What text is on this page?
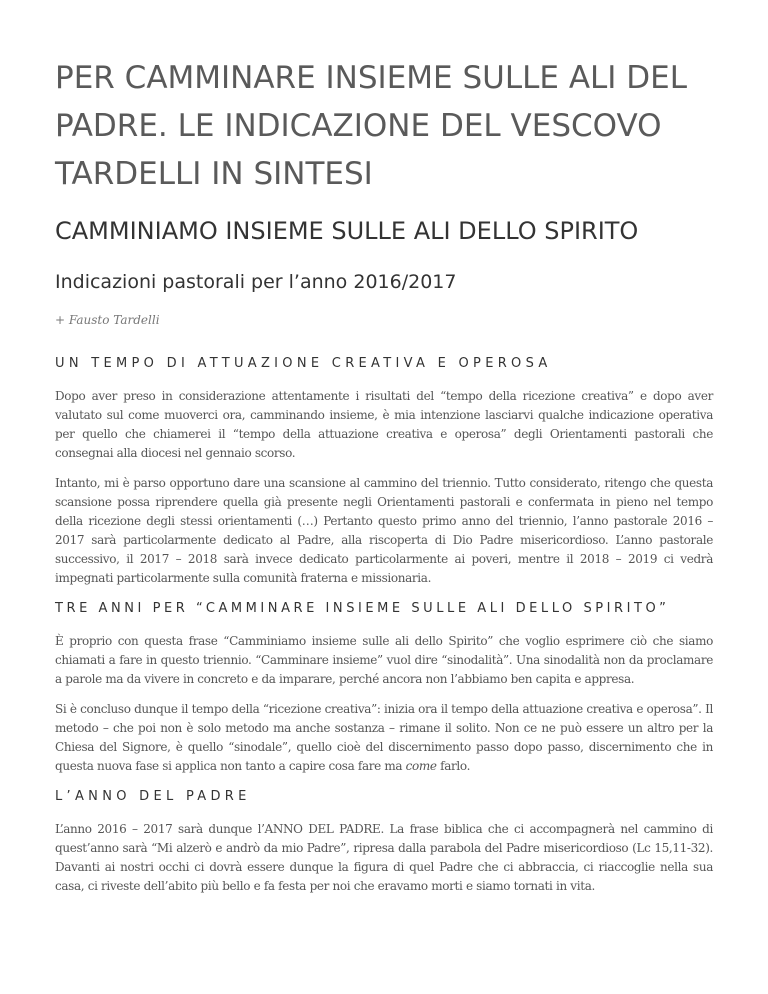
PER CAMMINARE INSIEME SULLE ALI DEL PADRE. LE INDICAZIONE DEL VESCOVO TARDELLI IN SINTESI
CAMMINIAMO INSIEME SULLE ALI DELLO SPIRITO
Indicazioni pastorali per l’anno 2016/2017

+ Fausto Tardelli

UN TEMPO DI ATTUAZIONE CREATIVA E OPEROSA

Dopo aver preso in considerazione attentamente i risultati del “tempo della ricezione creativa” e dopo aver valutato sul come muoverci ora, camminando insieme, è mia intenzione lasciarvi qualche indicazione operativa per quello che chiamerei il “tempo della attuazione creativa e operosa” degli Orientamenti pastorali che consegnai alla diocesi nel gennaio scorso.

Intanto, mi è parso opportuno dare una scansione al cammino del triennio. Tutto considerato, ritengo che questa scansione possa riprendere quella già presente negli Orientamenti pastorali e confermata in pieno nel tempo della ricezione degli stessi orientamenti (…) Pertanto questo primo anno del triennio, l’anno pastorale 2016 – 2017 sarà particolarmente dedicato al Padre, alla riscoperta di Dio Padre misericordioso. L’anno pastorale successivo, il 2017 – 2018 sarà invece dedicato particolarmente ai poveri, mentre il 2018 – 2019 ci vedrà impegnati particolarmente sulla comunità fraterna e missionaria.

TRE ANNI PER “CAMMINARE INSIEME SULLE ALI DELLO SPIRITO”

È proprio con questa frase “Camminiamo insieme sulle ali dello Spirito” che voglio esprimere ciò che siamo chiamati a fare in questo triennio. “Camminare insieme” vuol dire “sinodalità”. Una sinodalità non da proclamare a parole ma da vivere in concreto e da imparare, perché ancora non l’abbiamo ben capita e appresa.

Si è concluso dunque il tempo della “ricezione creativa”: inizia ora il tempo della attuazione creativa e operosa”. Il metodo – che poi non è solo metodo ma anche sostanza – rimane il solito. Non ce ne può essere un altro per la Chiesa del Signore, è quello “sinodale”, quello cioè del discernimento passo dopo passo, discernimento che in questa nuova fase si applica non tanto a capire cosa fare ma come farlo.

L’ANNO DEL PADRE

L’anno 2016 – 2017 sarà dunque l’ANNO DEL PADRE. La frase biblica che ci accompagnerà nel cammino di quest’anno sarà “Mi alzerò e andrò da mio Padre”, ripresa dalla parabola del Padre misericordioso (Lc 15,11-32). Davanti ai nostri occhi ci dovrà essere dunque la figura di quel Padre che ci abbraccia, ci riaccoglie nella sua casa, ci riveste dell’abito più bello e fa festa per noi che eravamo morti e siamo tornati in vita.
